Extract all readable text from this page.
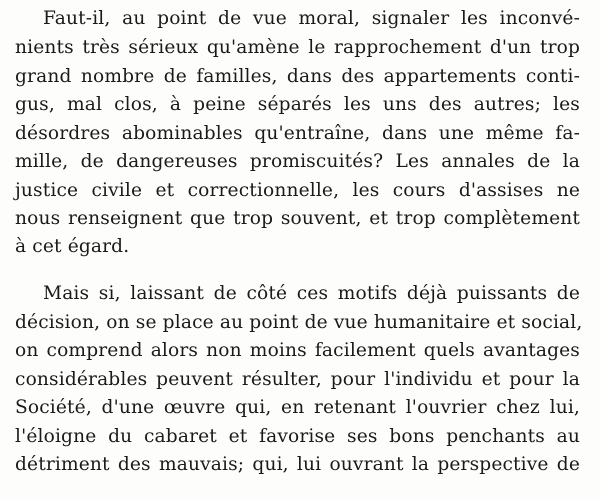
Faut-il, au point de vue moral, signaler les inconvé-
nients très sérieux qu'amène le rapprochement d'un trop
grand nombre de familles, dans des appartements conti-
gus, mal clos, à peine séparés les uns des autres; les
désordres abominables qu'entraîne, dans une même fa-
mille, de dangereuses promiscuités? Les annales de la
justice civile et correctionnelle, les cours d'assises ne
nous renseignent que trop souvent, et trop complètement
à cet égard.
Mais si, laissant de côté ces motifs déjà puissants de
décision, on se place au point de vue humanitaire et social,
on comprend alors non moins facilement quels avantages
considérables peuvent résulter, pour l'individu et pour la
Société, d'une œuvre qui, en retenant l'ouvrier chez lui,
l'éloigne du cabaret et favorise ses bons penchants au
détriment des mauvais; qui, lui ouvrant la perspective de
